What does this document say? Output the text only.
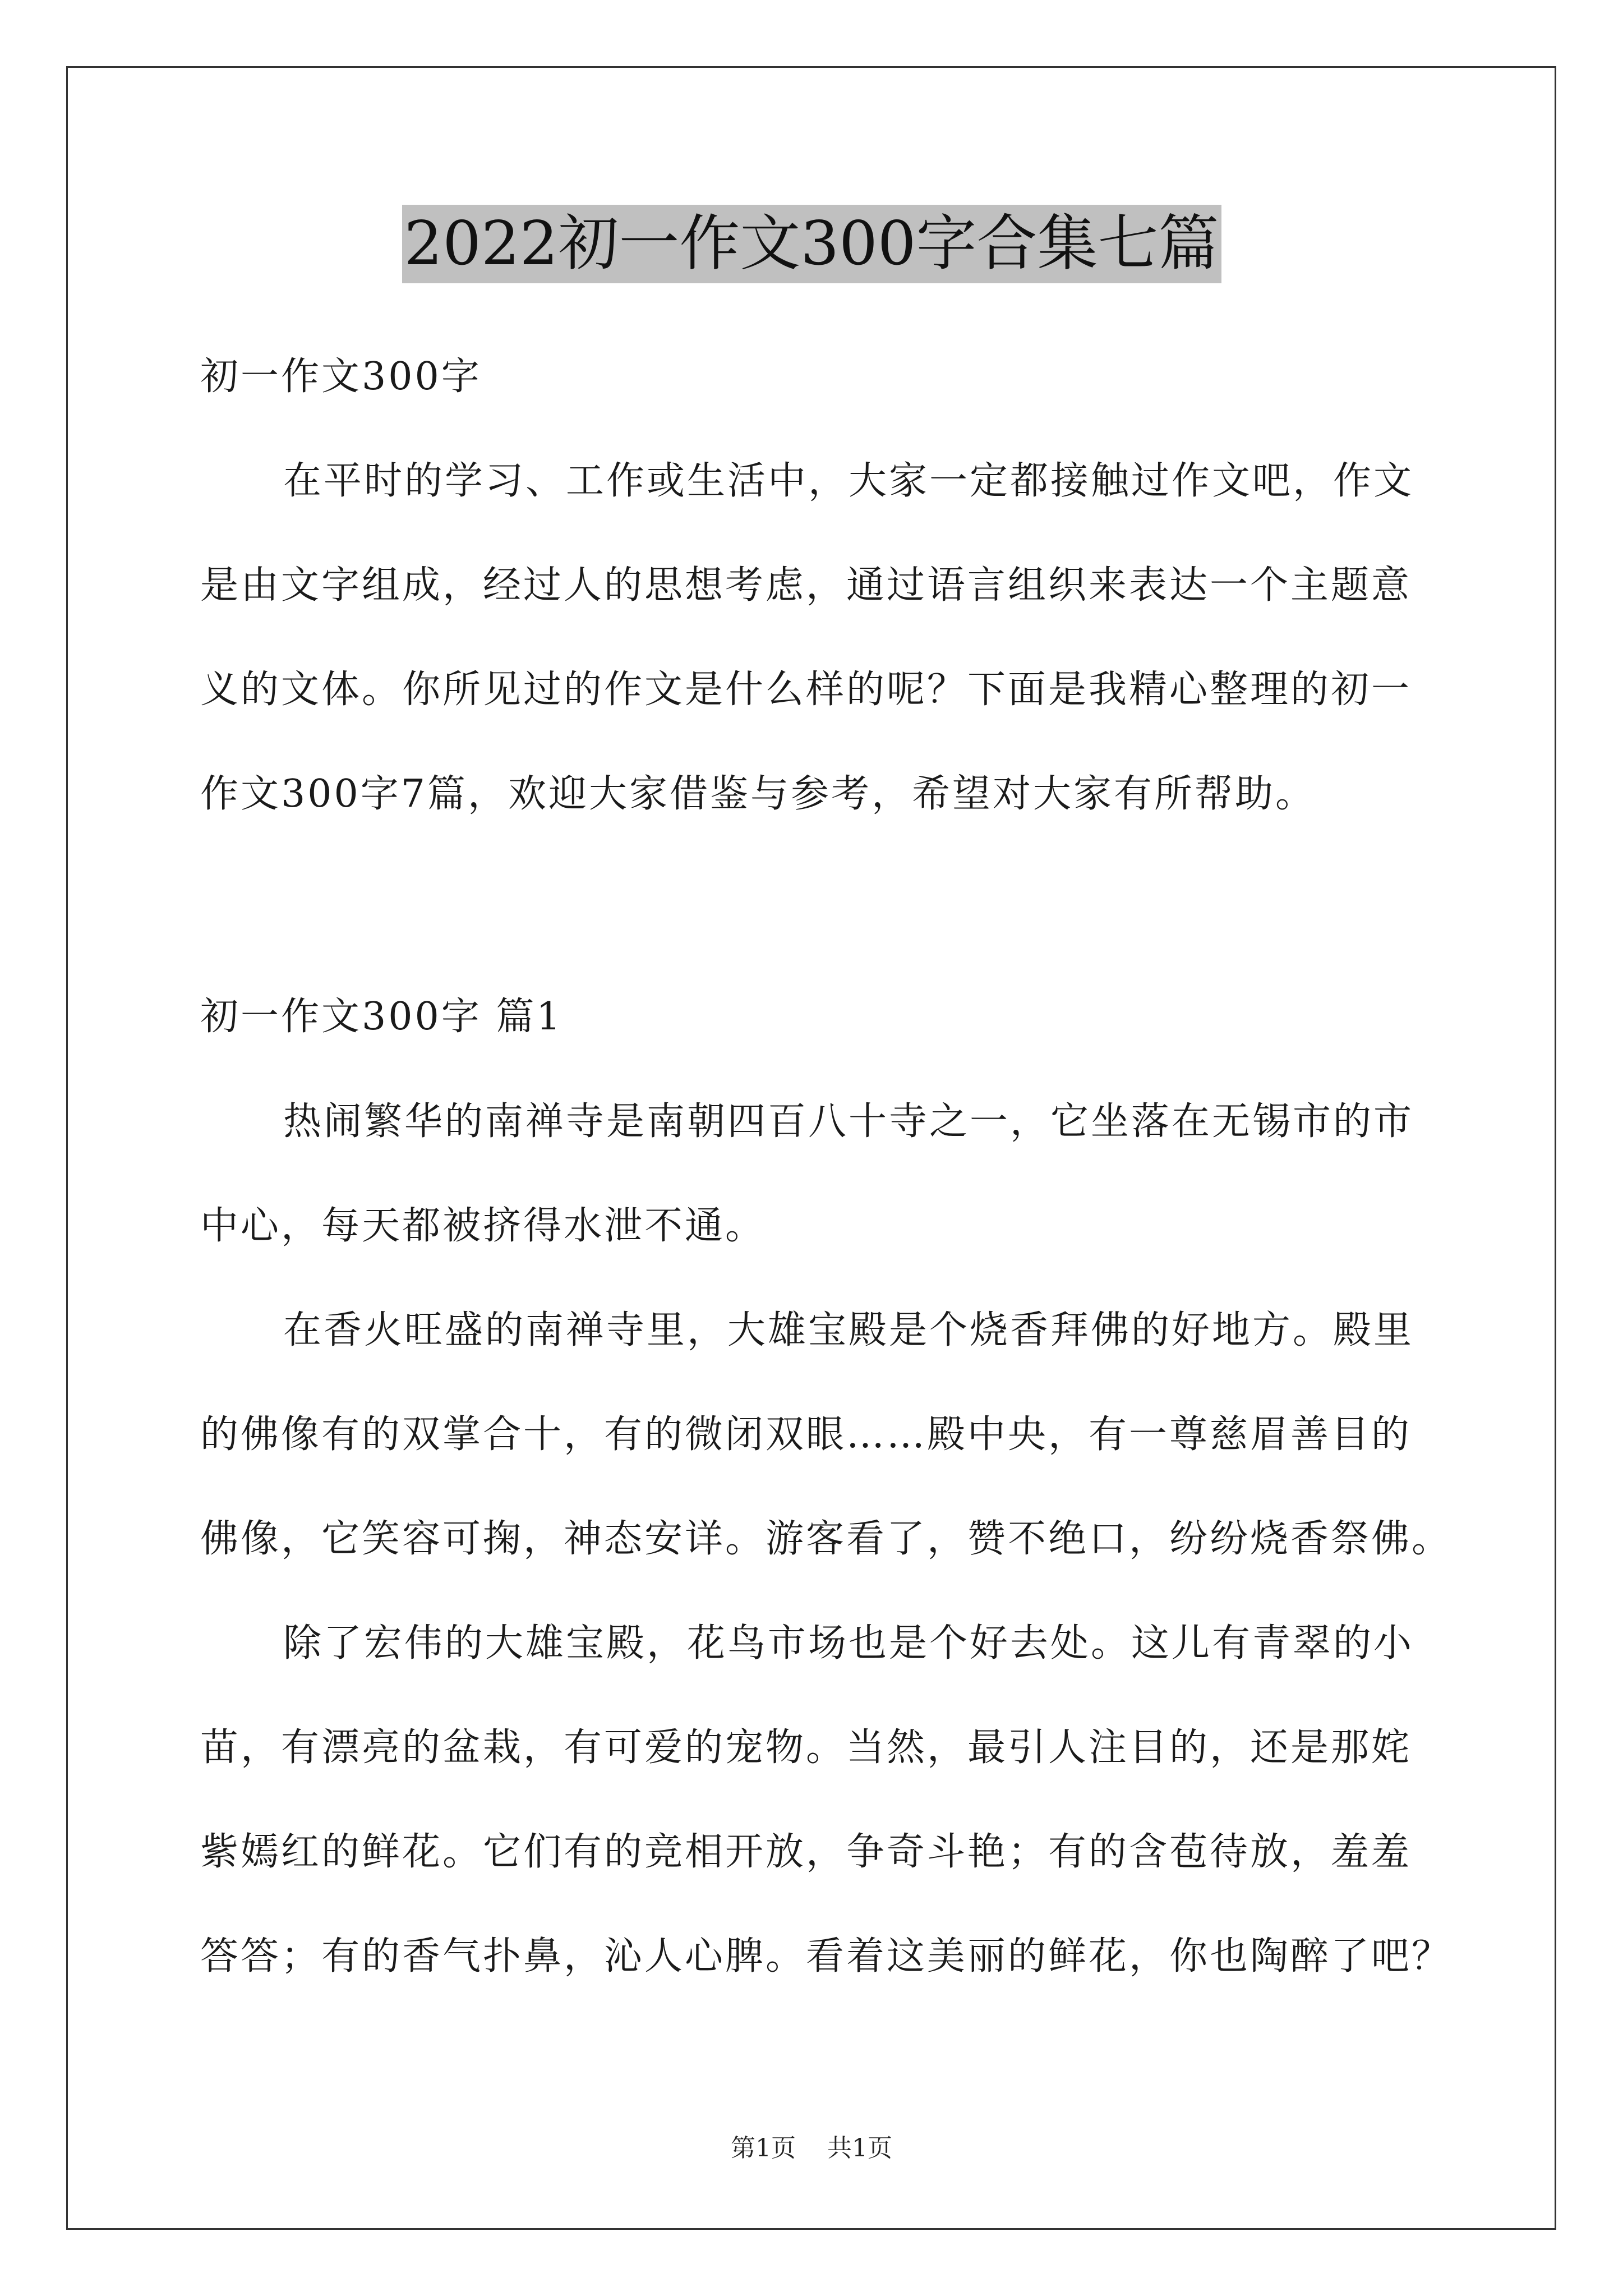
2022初一作文300字合集七篇
初一作文300字
在平时的学习、工作或生活中，大家一定都接触过作文吧，作文
是由文字组成，经过人的思想考虑，通过语言组织来表达一个主题意
义的文体。你所见过的作文是什么样的呢？下面是我精心整理的初一
作文300字7篇，欢迎大家借鉴与参考，希望对大家有所帮助。
初一作文300字 篇1
热闹繁华的南禅寺是南朝四百八十寺之一，它坐落在无锡市的市
中心，每天都被挤得水泄不通。
在香火旺盛的南禅寺里，大雄宝殿是个烧香拜佛的好地方。殿里
的佛像有的双掌合十，有的微闭双眼……殿中央，有一尊慈眉善目的
佛像，它笑容可掬，神态安详。游客看了，赞不绝口，纷纷烧香祭佛。
除了宏伟的大雄宝殿，花鸟市场也是个好去处。这儿有青翠的小
苗，有漂亮的盆栽，有可爱的宠物。当然，最引人注目的，还是那姹
紫嫣红的鲜花。它们有的竞相开放，争奇斗艳；有的含苞待放，羞羞
答答；有的香气扑鼻，沁人心脾。看着这美丽的鲜花，你也陶醉了吧？
第1页 共1页
